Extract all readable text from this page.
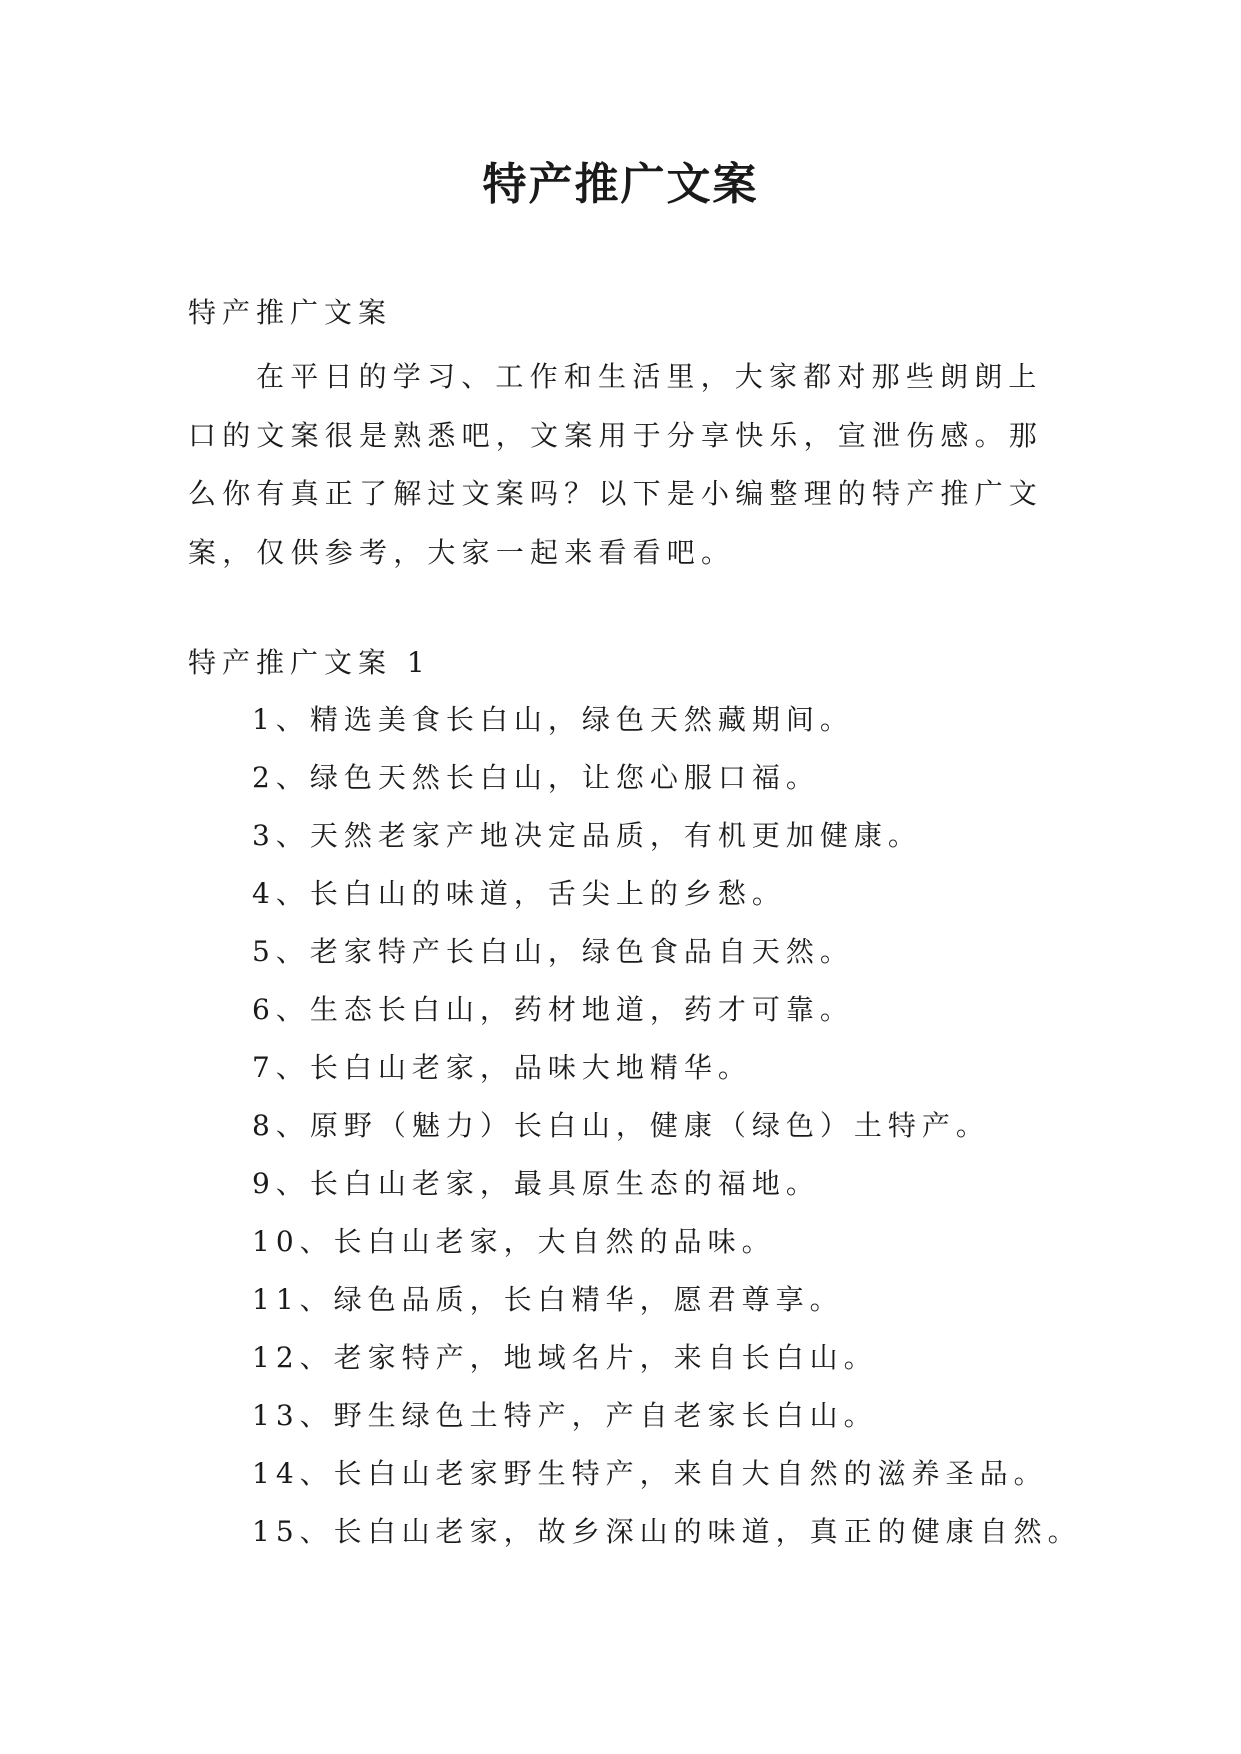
特产推广文案

特产推广文案

在平日的学习、工作和生活里，大家都对那些朗朗上口的文案很是熟悉吧，文案用于分享快乐，宣泄伤感。那么你有真正了解过文案吗？以下是小编整理的特产推广文案，仅供参考，大家一起来看看吧。

特产推广文案 1

1、精选美食长白山，绿色天然藏期间。

2、绿色天然长白山，让您心服口福。

3、天然老家产地决定品质，有机更加健康。

4、长白山的味道，舌尖上的乡愁。

5、老家特产长白山，绿色食品自天然。

6、生态长白山，药材地道，药才可靠。

7、长白山老家，品味大地精华。

8、原野（魅力）长白山，健康（绿色）土特产。

9、长白山老家，最具原生态的福地。

10、长白山老家，大自然的品味。

11、绿色品质，长白精华，愿君尊享。

12、老家特产，地域名片，来自长白山。

13、野生绿色土特产，产自老家长白山。

14、长白山老家野生特产，来自大自然的滋养圣品。

15、长白山老家，故乡深山的味道，真正的健康自然。
